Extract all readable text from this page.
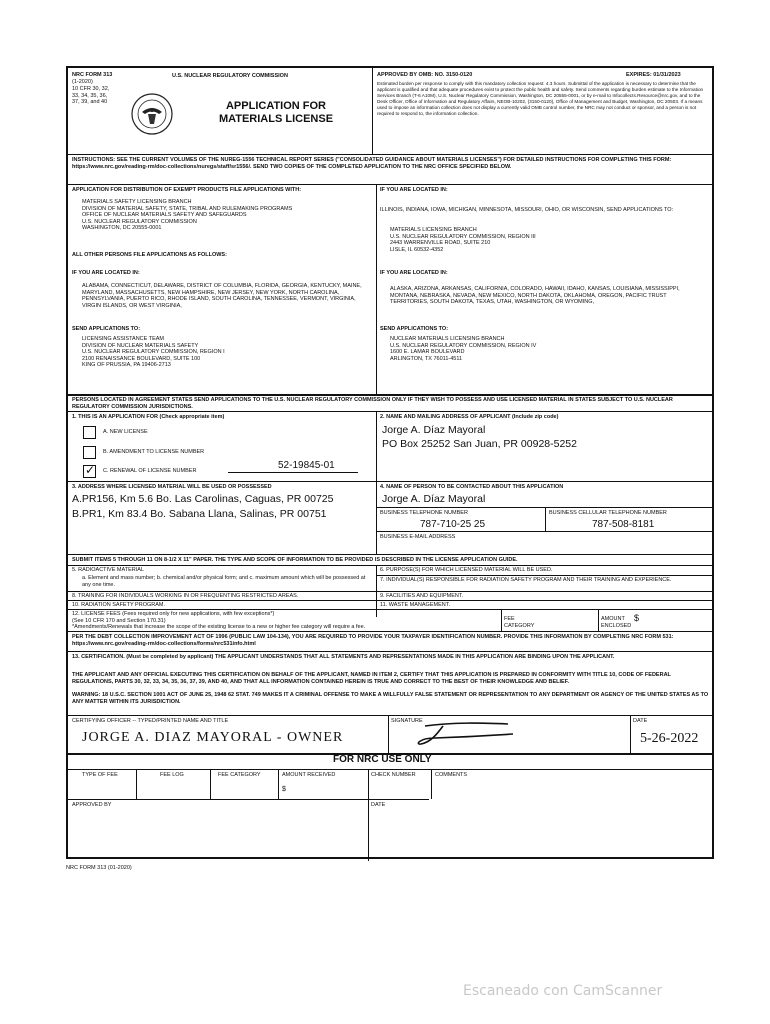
NRC FORM 313
(1-2020)
10 CFR 30, 32,
33, 34, 35, 36,
37, 39, and 40
U.S. NUCLEAR REGULATORY COMMISSION
APPLICATION FOR
MATERIALS LICENSE
APPROVED BY OMB: NO. 3150-0120	EXPIRES: 01/31/2023
Estimated burden per response to comply with this mandatory collection request: 4.3 hours. Submittal of the application is necessary to determine that the applicant is qualified and that adequate procedures exist to protect the public health and safety. Send comments regarding burden estimate to the Information Services Branch (T-6 A10M), U.S. Nuclear Regulatory Commission, Washington, DC 20555-0001, or by e-mail to Infocollects.Resource@nrc.gov, and to the Desk Officer, Office of Information and Regulatory Affairs, NEOB-10202, (3150-0120), Office of Management and Budget, Washington, DC 20503. If a means used to impose an information collection does not display a currently valid OMB control number, the NRC may not conduct or sponsor, and a person is not required to respond to, the information collection.
INSTRUCTIONS: SEE THE CURRENT VOLUMES OF THE NUREG-1556 TECHNICAL REPORT SERIES ("CONSOLIDATED GUIDANCE ABOUT MATERIALS LICENSES") FOR DETAILED INSTRUCTIONS FOR COMPLETING THIS FORM: https://www.nrc.gov/reading-rm/doc-collections/nuregs/staff/sr1556/. SEND TWO COPIES OF THE COMPLETED APPLICATION TO THE NRC OFFICE SPECIFIED BELOW.
APPLICATION FOR DISTRIBUTION OF EXEMPT PRODUCTS FILE APPLICATIONS WITH:
MATERIALS SAFETY LICENSING BRANCH
DIVISION OF MATERIAL SAFETY, STATE, TRIBAL AND RULEMAKING PROGRAMS
OFFICE OF NUCLEAR MATERIALS SAFETY AND SAFEGUARDS
U.S. NUCLEAR REGULATORY COMMISSION
WASHINGTON, DC 20555-0001
ALL OTHER PERSONS FILE APPLICATIONS AS FOLLOWS:
IF YOU ARE LOCATED IN:
ALABAMA, CONNECTICUT, DELAWARE, DISTRICT OF COLUMBIA, FLORIDA, GEORGIA, KENTUCKY, MAINE, MARYLAND, MASSACHUSETTS, NEW HAMPSHIRE, NEW JERSEY, NEW YORK, NORTH CAROLINA, PENNSYLVANIA, PUERTO RICO, RHODE ISLAND, SOUTH CAROLINA, TENNESSEE, VERMONT, VIRGINIA, VIRGIN ISLANDS, OR WEST VIRGINIA,
SEND APPLICATIONS TO:
LICENSING ASSISTANCE TEAM
DIVISION OF NUCLEAR MATERIALS SAFETY
U.S. NUCLEAR REGULATORY COMMISSION, REGION I
2100 RENAISSANCE BOULEVARD, SUITE 100
KING OF PRUSSIA, PA 19406-2713
IF YOU ARE LOCATED IN:
ILLINOIS, INDIANA, IOWA, MICHIGAN, MINNESOTA, MISSOURI, OHIO, OR WISCONSIN, SEND APPLICATIONS TO:
MATERIALS LICENSING BRANCH
U.S. NUCLEAR REGULATORY COMMISSION, REGION III
2443 WARRENVILLE ROAD, SUITE 210
LISLE, IL 60532-4352
IF YOU ARE LOCATED IN:
ALASKA, ARIZONA, ARKANSAS, CALIFORNIA, COLORADO, HAWAII, IDAHO, KANSAS, LOUISIANA, MISSISSIPPI, MONTANA, NEBRASKA, NEVADA, NEW MEXICO, NORTH DAKOTA, OKLAHOMA, OREGON, PACIFIC TRUST TERRITORIES, SOUTH DAKOTA, TEXAS, UTAH, WASHINGTON, OR WYOMING,
SEND APPLICATIONS TO:
NUCLEAR MATERIALS LICENSING BRANCH
U.S. NUCLEAR REGULATORY COMMISSION, REGION IV
1600 E. LAMAR BOULEVARD
ARLINGTON, TX 76011-4511
PERSONS LOCATED IN AGREEMENT STATES SEND APPLICATIONS TO THE U.S. NUCLEAR REGULATORY COMMISSION ONLY IF THEY WISH TO POSSESS AND USE LICENSED MATERIAL IN STATES SUBJECT TO U.S. NUCLEAR REGULATORY COMMISSION JURISDICTIONS.
1. THIS IS AN APPLICATION FOR (Check appropriate item)
A. NEW LICENSE
B. AMENDMENT TO LICENSE NUMBER
✓ C. RENEWAL OF LICENSE NUMBER	52-19845-01
2. NAME AND MAILING ADDRESS OF APPLICANT (Include zip code)
Jorge A. Díaz Mayoral
PO Box 25252 San Juan, PR 00928-5252
3. ADDRESS WHERE LICENSED MATERIAL WILL BE USED OR POSSESSED
A.PR156, Km 5.6 Bo. Las Carolinas, Caguas, PR 00725
B.PR1, Km 83.4 Bo. Sabana Llana, Salinas, PR 00751
4. NAME OF PERSON TO BE CONTACTED ABOUT THIS APPLICATION
Jorge A. Díaz Mayoral
BUSINESS TELEPHONE NUMBER
787-710-25 25
BUSINESS CELLULAR TELEPHONE NUMBER
787-508-8181
BUSINESS E-MAIL ADDRESS
SUBMIT ITEMS 5 THROUGH 11 ON 8-1/2 X 11" PAPER. THE TYPE AND SCOPE OF INFORMATION TO BE PROVIDED IS DESCRIBED IN THE LICENSE APPLICATION GUIDE.
5. RADIOACTIVE MATERIAL
a. Element and mass number; b. chemical and/or physical form; and c. maximum amount which will be possessed at any one time.
6. PURPOSE(S) FOR WHICH LICENSED MATERIAL WILL BE USED.
7. INDIVIDUAL(S) RESPONSIBLE FOR RADIATION SAFETY PROGRAM AND THEIR TRAINING AND EXPERIENCE.
8. TRAINING FOR INDIVIDUALS WORKING IN OR FREQUENTING RESTRICTED AREAS.	9. FACILITIES AND EQUIPMENT.
10. RADIATION SAFETY PROGRAM.	11. WASTE MANAGEMENT.
12. LICENSE FEES (Fees required only for new applications, with few exceptions*)
(See 10 CFR 170 and Section 170.31)
*Amendments/Renewals that increase the scope of the existing license to a new or higher fee category will require a fee.
FEE CATEGORY
AMOUNT ENCLOSED
$
PER THE DEBT COLLECTION IMPROVEMENT ACT OF 1996 (PUBLIC LAW 104-134), YOU ARE REQUIRED TO PROVIDE YOUR TAXPAYER IDENTIFICATION NUMBER. PROVIDE THIS INFORMATION BY COMPLETING NRC FORM 531: https://www.nrc.gov/reading-rm/doc-collections/forms/nrc531info.html
13. CERTIFICATION. (Must be completed by applicant) THE APPLICANT UNDERSTANDS THAT ALL STATEMENTS AND REPRESENTATIONS MADE IN THIS APPLICATION ARE BINDING UPON THE APPLICANT.
THE APPLICANT AND ANY OFFICIAL EXECUTING THIS CERTIFICATION ON BEHALF OF THE APPLICANT, NAMED IN ITEM 2, CERTIFY THAT THIS APPLICATION IS PREPARED IN CONFORMITY WITH TITLE 10, CODE OF FEDERAL REGULATIONS, PARTS 30, 32, 33, 34, 35, 36, 37, 39, AND 40, AND THAT ALL INFORMATION CONTAINED HEREIN IS TRUE AND CORRECT TO THE BEST OF THEIR KNOWLEDGE AND BELIEF.
WARNING: 18 U.S.C. SECTION 1001 ACT OF JUNE 25, 1948 62 STAT. 749 MAKES IT A CRIMINAL OFFENSE TO MAKE A WILLFULLY FALSE STATEMENT OR REPRESENTATION TO ANY DEPARTMENT OR AGENCY OF THE UNITED STATES AS TO ANY MATTER WITHIN ITS JURISDICTION.
CERTIFYING OFFICER -- TYPED/PRINTED NAME AND TITLE
JORGE A. DIAZ MAYORAL - OWNER
SIGNATURE	DATE
5-26-2022
FOR NRC USE ONLY
TYPE OF FEE	FEE LOG	FEE CATEGORY	AMOUNT RECEIVED
$
CHECK NUMBER	COMMENTS
APPROVED BY	DATE
NRC FORM 313 (01-2020)
Escaneado con CamScanner
